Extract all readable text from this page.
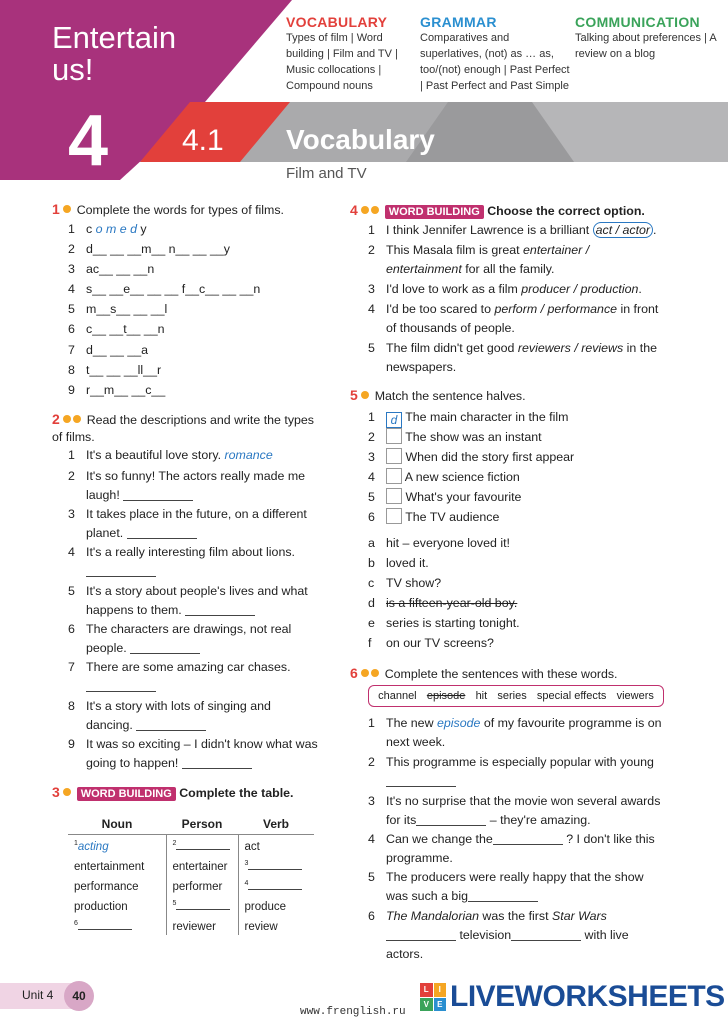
Entertain us!
4 4.1 Vocabulary
Film and TV
VOCABULARY
Types of film | Word building | Film and TV | Music collocations | Compound nouns
GRAMMAR
Comparatives and superlatives, (not) as … as, too/(not) enough | Past Perfect | Past Perfect and Past Simple
COMMUNICATION
Talking about preferences | A review on a blog
1 Complete the words for types of films.
1 c o m e d y
2 d__ __ __m__ n__ __ __y
3 ac__ __ __n
4 s__ __e__ __ __ f__c__ __ __n
5 m__s__ __ __l
6 c__ __t__ __n
7 d__ __ __a
8 t__ __ __ll__r
9 r__m__ __c__
2 Read the descriptions and write the types of films.
1 It's a beautiful love story. romance
2 It's so funny! The actors really made me laugh!
3 It takes place in the future, on a different planet.
4 It's a really interesting film about lions.

5 It's a story about people's lives and what happens to them.
6 The characters are drawings, not real people.
7 There are some amazing car chases.

8 It's a story with lots of singing and dancing.
9 It was so exciting – I didn't know what was going to happen!
3 WORD BUILDING Complete the table.
Noun	Person	Verb
$^1$acting	$^2$	act
entertainment	entertainer	$^3$
performance	performer	$^4$
production	$^5$	produce
$^6$	reviewer	review
4	WORD BUILDING Choose the correct option.
1 I think Jennifer Lawrence is a brilliant act / actor .
2 This Masala film is great entertainer / entertainment for all the family.
3 I'd love to work as a film producer / production.
4 I'd be too scared to perform / performance in front of thousands of people.
5 The film didn't get good reviewers / reviews in the newspapers.
5 Match the sentence halves.
1 d The main character in the film
2 The show was an instant
3 When did the story first appear
4 A new science fiction
5 What's your favourite
6 The TV audience
a hit – everyone loved it!
b loved it.
c TV show?
d is a fifteen-year-old boy.
e series is starting tonight.
f on our TV screens?
6 Complete the sentences with these words.
channel episode hit series special effects viewers
1 The new episode of my favourite programme is on next week.
2 This programme is especially popular with young
3 It's no surprise that the movie won several awards for its	– they're amazing.
4 Can we change the	? I don't like this programme.
5 The producers were really happy that the show was such a big
6 The Mandalorian was the first Star Wars television	with live actors.
Unit 4	40	L	I
V	E LIVEWORKSHEETS
www.frenglish.ru
